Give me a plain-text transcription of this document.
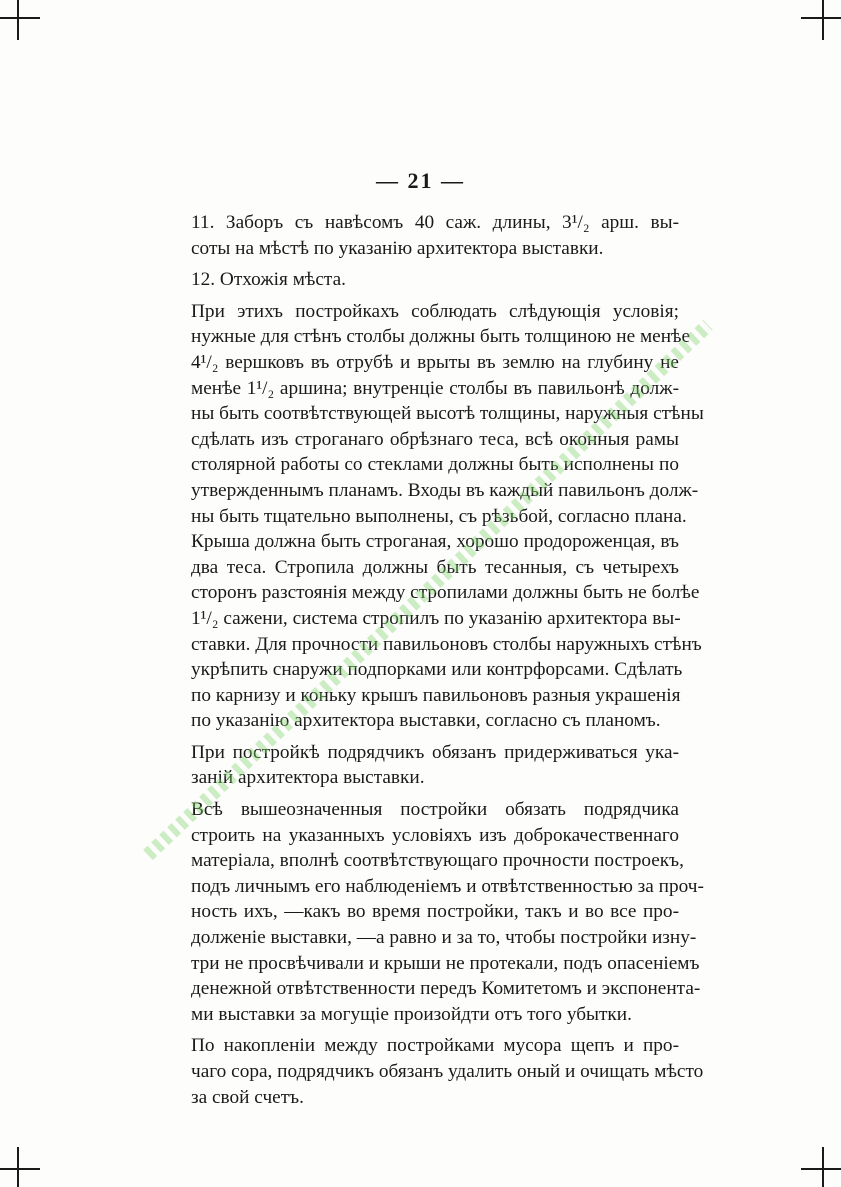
— 21 —

11. Заборъ съ навѣсомъ 40 саж. длины, 3¹/₂ арш. вы-
соты на мѣстѣ по указанію архитектора выставки.
12. Отхожія мѣста.
При этихъ постройкахъ соблюдать слѣдующія условія;
нужные для стѣнъ столбы должны быть толщиною не менѣе
4¹/₂ вершковъ въ отрубѣ и врыты въ землю на глубину не
менѣе 1¹/₂ аршина; внутренціе столбы въ павильонѣ долж-
ны быть соотвѣтствующей высотѣ толщины, наружныя стѣны
сдѣлать изъ строганаго обрѣзнаго теса, всѣ оконныя рамы
столярной работы со стеклами должны быть исполнены по
утвержденнымъ планамъ. Входы въ каждый павильонъ долж-
ны быть тщательно выполнены, съ рѣзьбой, согласно плана.
Крыша должна быть строганая, хорошо продороженцая, въ
два теса. Стропила должны быть тесанныя, съ четырехъ
сторонъ разстоянія между стропилами должны быть не болѣе
1¹/₂ сажени, система стропилъ по указанію архитектора вы-
ставки. Для прочности павильоновъ столбы наружныхъ стѣнъ
укрѣпить снаружи подпорками или контрфорсами. Сдѣлать
по карнизу и коньку крышъ павильоновъ разныя украшенія
по указанію архитектора выставки, согласно съ планомъ.
При постройкѣ подрядчикъ обязанъ придерживаться ука-
заній архитектора выставки.
Всѣ вышеозначенныя постройки обязать подрядчика
строить на указанныхъ условіяхъ изъ доброкачественнаго
матеріала, вполнѣ соотвѣтствующаго прочности построекъ,
подъ личнымъ его наблюденіемъ и отвѣтственностью за проч-
ность ихъ, —какъ во время постройки, такъ и во все про-
долженіе выставки, —а равно и за то, чтобы постройки изну-
три не просвѣчивали и крыши не протекали, подъ опасеніемъ
денежной отвѣтственности передъ Комитетомъ и экспонента-
ми выставки за могущіе произойдти отъ того убытки.
По накопленіи между постройками мусора щепъ и про-
чаго сора, подрядчикъ обязанъ удалить оный и очищать мѣсто
за свой счетъ.
